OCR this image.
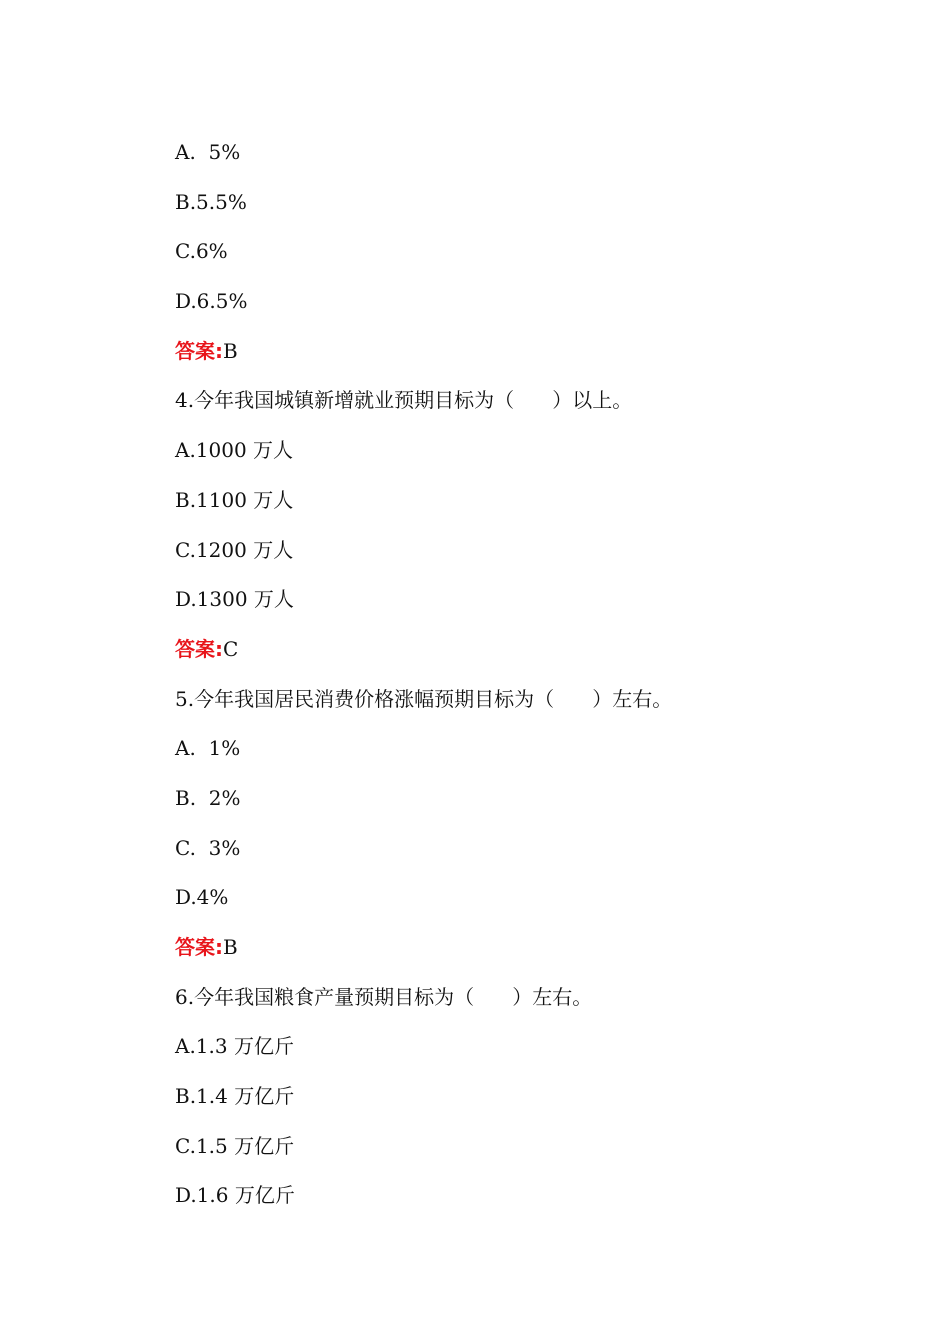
A.  5%
B.5.5%
C.6%
D.6.5%
答案:B
4.今年我国城镇新增就业预期目标为（      ）以上。
A.1000 万人
B.1100 万人
C.1200 万人
D.1300 万人
答案:C
5.今年我国居民消费价格涨幅预期目标为（      ）左右。
A.  1%
B.  2%
C.  3%
D.4%
答案:B
6.今年我国粮食产量预期目标为（      ）左右。
A.1.3 万亿斤
B.1.4 万亿斤
C.1.5 万亿斤
D.1.6 万亿斤
